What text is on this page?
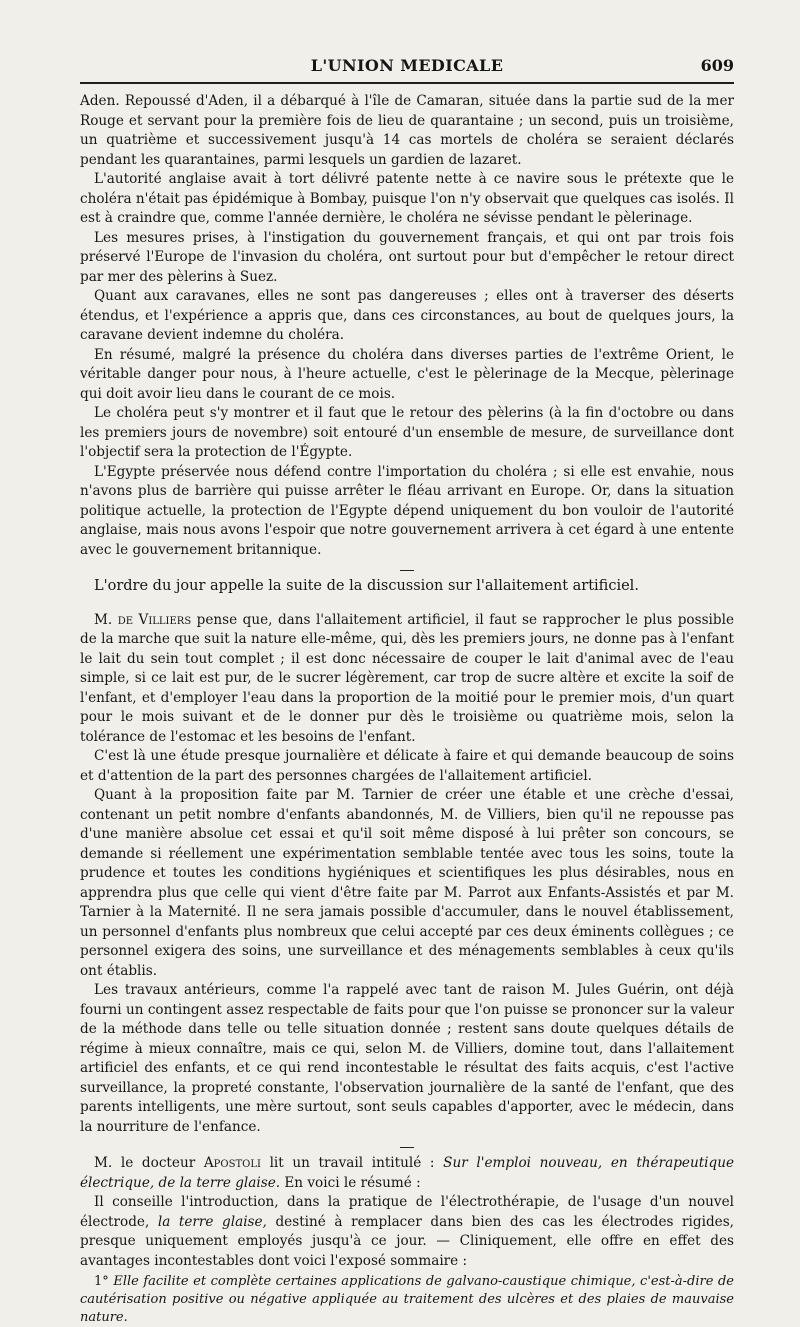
L'UNION MEDICALE	609

Aden. Repoussé d'Aden, il a débarqué à l'île de Camaran, située dans la partie sud de la mer Rouge et servant pour la première fois de lieu de quarantaine ; un second, puis un troisième, un quatrième et successivement jusqu'à 14 cas mortels de choléra se seraient déclarés pendant les quarantaines, parmi lesquels un gardien de lazaret.

L'autorité anglaise avait à tort délivré patente nette à ce navire sous le prétexte que le choléra n'était pas épidémique à Bombay, puisque l'on n'y observait que quelques cas isolés. Il est à craindre que, comme l'année dernière, le choléra ne sévisse pendant le pèlerinage.

Les mesures prises, à l'instigation du gouvernement français, et qui ont par trois fois préservé l'Europe de l'invasion du choléra, ont surtout pour but d'empêcher le retour direct par mer des pèlerins à Suez.

Quant aux caravanes, elles ne sont pas dangereuses ; elles ont à traverser des déserts étendus, et l'expérience a appris que, dans ces circonstances, au bout de quelques jours, la caravane devient indemne du choléra.

En résumé, malgré la présence du choléra dans diverses parties de l'extrême Orient, le véritable danger pour nous, à l'heure actuelle, c'est le pèlerinage de la Mecque, pèlerinage qui doit avoir lieu dans le courant de ce mois.

Le choléra peut s'y montrer et il faut que le retour des pèlerins (à la fin d'octobre ou dans les premiers jours de novembre) soit entouré d'un ensemble de mesure, de surveillance dont l'objectif sera la protection de l'Égypte.

L'Egypte préservée nous défend contre l'importation du choléra ; si elle est envahie, nous n'avons plus de barrière qui puisse arrêter le fléau arrivant en Europe. Or, dans la situation politique actuelle, la protection de l'Egypte dépend uniquement du bon vouloir de l'autorité anglaise, mais nous avons l'espoir que notre gouvernement arrivera à cet égard à une entente avec le gouvernement britannique.

L'ordre du jour appelle la suite de la discussion sur l'allaitement artificiel.

M. de Villiers pense que, dans l'allaitement artificiel, il faut se rapprocher le plus possible de la marche que suit la nature elle-même, qui, dès les premiers jours, ne donne pas à l'enfant le lait du sein tout complet ; il est donc nécessaire de couper le lait d'animal avec de l'eau simple, si ce lait est pur, de le sucrer légèrement, car trop de sucre altère et excite la soif de l'enfant, et d'employer l'eau dans la proportion de la moitié pour le premier mois, d'un quart pour le mois suivant et de le donner pur dès le troisième ou quatrième mois, selon la tolérance de l'estomac et les besoins de l'enfant.

C'est là une étude presque journalière et délicate à faire et qui demande beaucoup de soins et d'attention de la part des personnes chargées de l'allaitement artificiel.

Quant à la proposition faite par M. Tarnier de créer une étable et une crèche d'essai, contenant un petit nombre d'enfants abandonnés, M. de Villiers, bien qu'il ne repousse pas d'une manière absolue cet essai et qu'il soit même disposé à lui prêter son concours, se demande si réellement une expérimentation semblable tentée avec tous les soins, toute la prudence et toutes les conditions hygiéniques et scientifiques les plus désirables, nous en apprendra plus que celle qui vient d'être faite par M. Parrot aux Enfants-Assistés et par M. Tarnier à la Maternité. Il ne sera jamais possible d'accumuler, dans le nouvel établissement, un personnel d'enfants plus nombreux que celui accepté par ces deux éminents collègues ; ce personnel exigera des soins, une surveillance et des ménagements semblables à ceux qu'ils ont établis.

Les travaux antérieurs, comme l'a rappelé avec tant de raison M. Jules Guérin, ont déjà fourni un contingent assez respectable de faits pour que l'on puisse se prononcer sur la valeur de la méthode dans telle ou telle situation donnée ; restent sans doute quelques détails de régime à mieux connaître, mais ce qui, selon M. de Villiers, domine tout, dans l'allaitement artificiel des enfants, et ce qui rend incontestable le résultat des faits acquis, c'est l'active surveillance, la propreté constante, l'observation journalière de la santé de l'enfant, que des parents intelligents, une mère surtout, sont seuls capables d'apporter, avec le médecin, dans la nourriture de l'enfance.

M. le docteur Apostoli lit un travail intitulé : Sur l'emploi nouveau, en thérapeutique électrique, de la terre glaise. En voici le résumé :

Il conseille l'introduction, dans la pratique de l'électrothérapie, de l'usage d'un nouvel électrode, la terre glaise, destiné à remplacer dans bien des cas les électrodes rigides, presque uniquement employés jusqu'à ce jour. — Cliniquement, elle offre en effet des avantages incontestables dont voici l'exposé sommaire :

1° Elle facilite et complète certaines applications de galvano-caustique chimique, c'est-à-dire de cautérisation positive ou négative appliquée au traitement des ulcères et des plaies de mauvaise nature.
